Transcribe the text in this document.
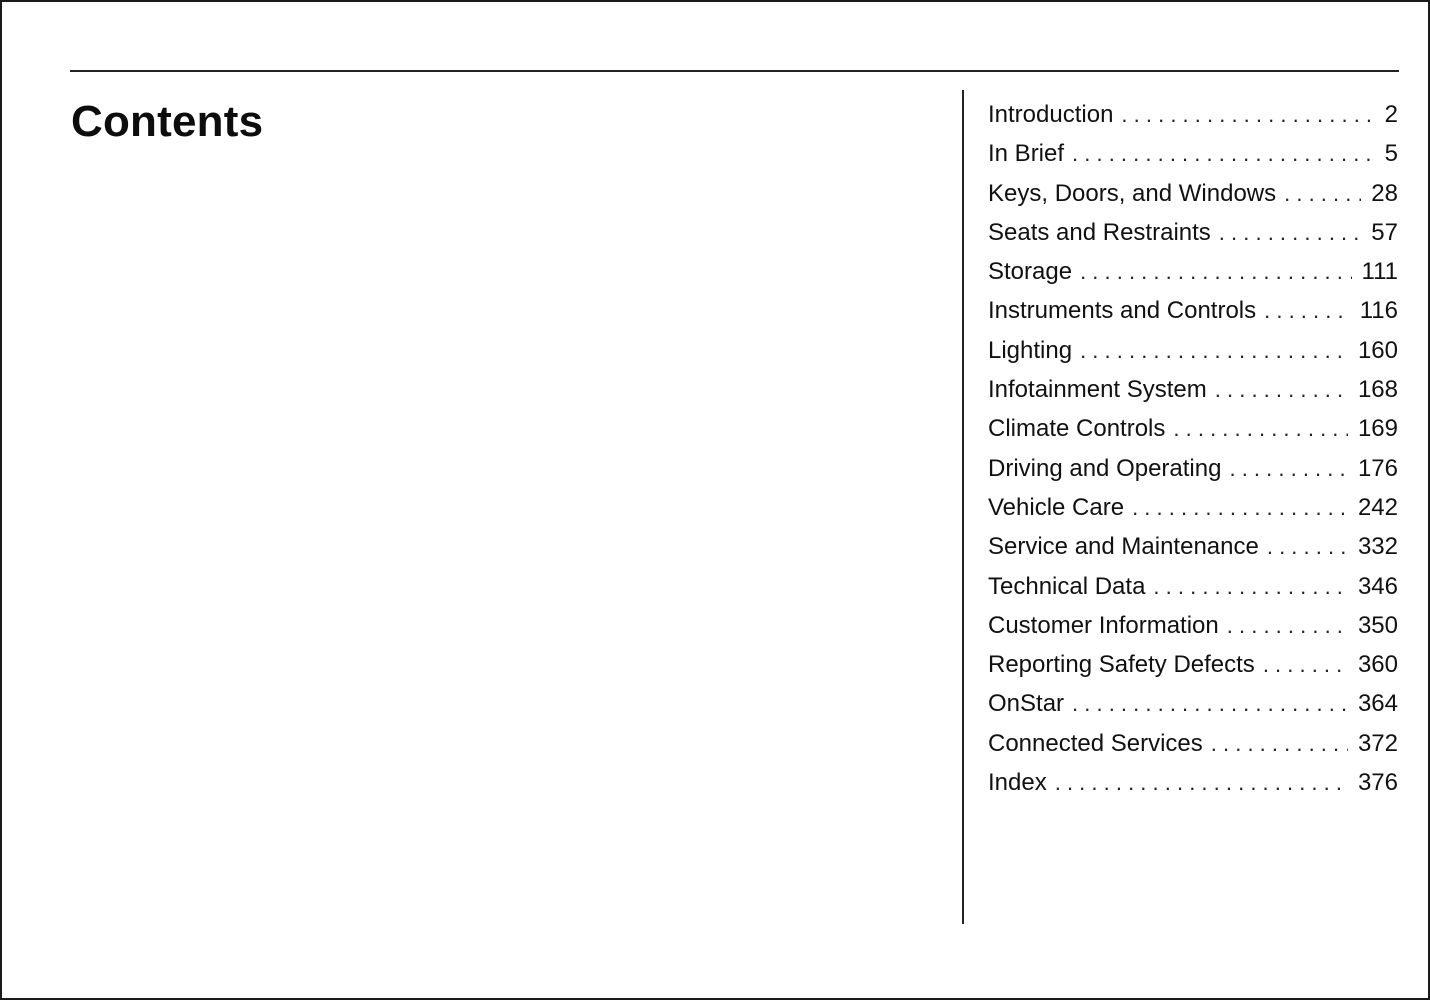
Contents	Introduction . . .	2
In Brief . . .	5
Keys, Doors, and Windows . . .	28
Seats and Restraints . . .	57
Storage . . .	111
Instruments and Controls . . .	116
Lighting . . .	160
Infotainment System . . .	168
Climate Controls . . .	169
Driving and Operating . . .	176
Vehicle Care . . .	242
Service and Maintenance . . .	332
Technical Data . . .	346
Customer Information . . .	350
Reporting Safety Defects . . .	360
OnStar . . .	364
Connected Services . . .	372
Index . . .	376
